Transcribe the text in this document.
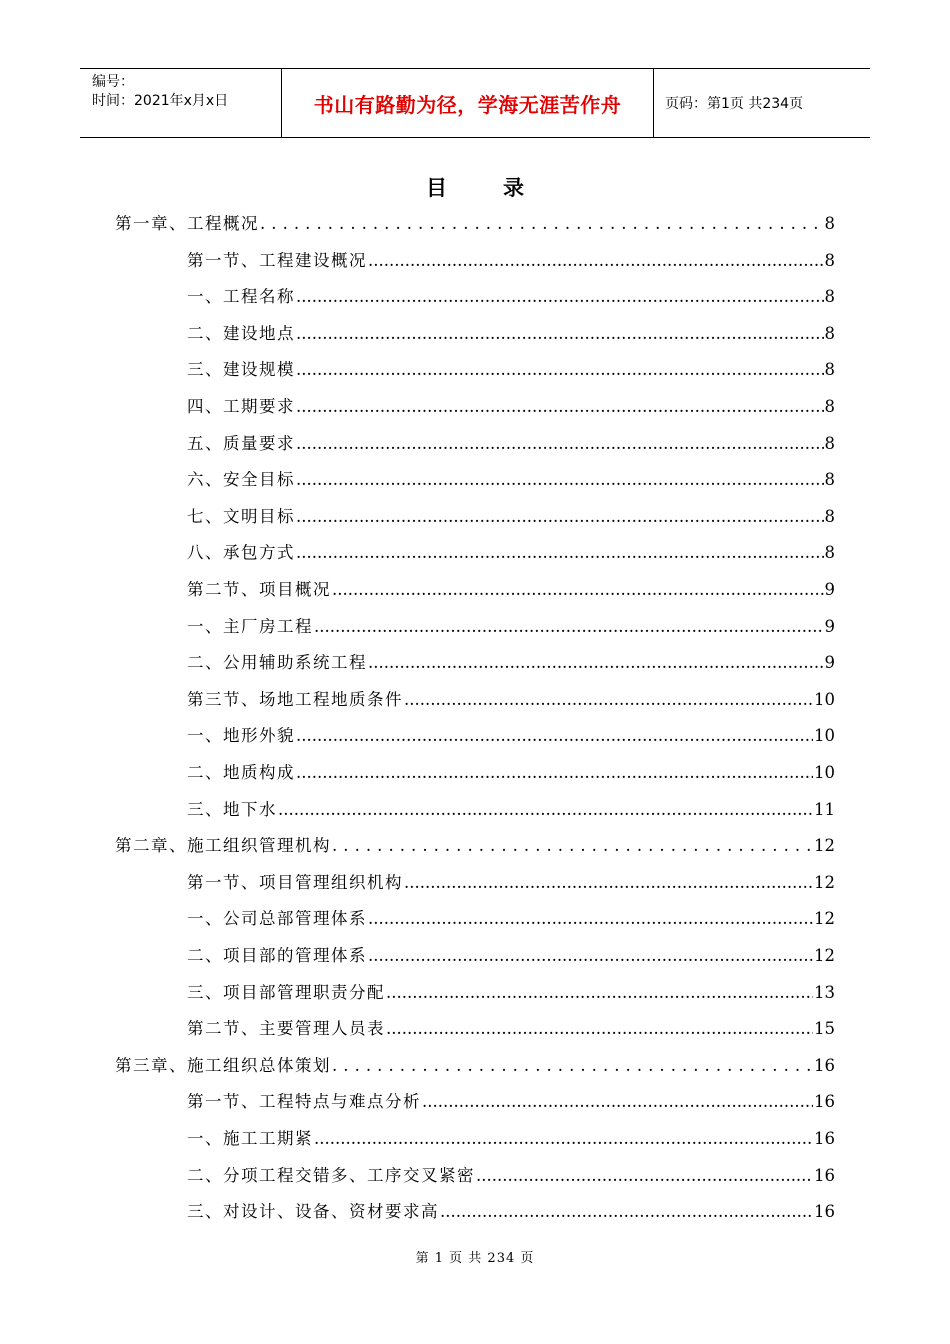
编号：
时间：2021年x月x日	书山有路勤为径，学海无涯苦作舟	页码：第1页 共234页
目	录
第一章、工程概况 . . .	8
第一节、工程建设概况 .....	8
一、工程名称 .....	8
二、建设地点 .....	8
三、建设规模 .....	8
四、工期要求 .....	8
五、质量要求 .....	8
六、安全目标 .....	8
七、文明目标 .....	8
八、承包方式 .....	8
第二节、项目概况 .....	9
一、主厂房工程 .....	9
二、公用辅助系统工程 .....	9
第三节、场地工程地质条件 .....	10
一、地形外貌 .....	10
二、地质构成 .....	10
三、地下水 .....	11
第二章、施工组织管理机构 . . .	12
第一节、项目管理组织机构 .....	12
一、公司总部管理体系 .....	12
二、项目部的管理体系 .....	12
三、项目部管理职责分配 .....	13
第二节、主要管理人员表 .....	15
第三章、施工组织总体策划 . . .	16
第一节、工程特点与难点分析 .....	16
一、施工工期紧 .....	16
二、分项工程交错多、工序交叉紧密 .....	16
三、对设计、设备、资材要求高 .....	16
第 1 页 共 234 页
